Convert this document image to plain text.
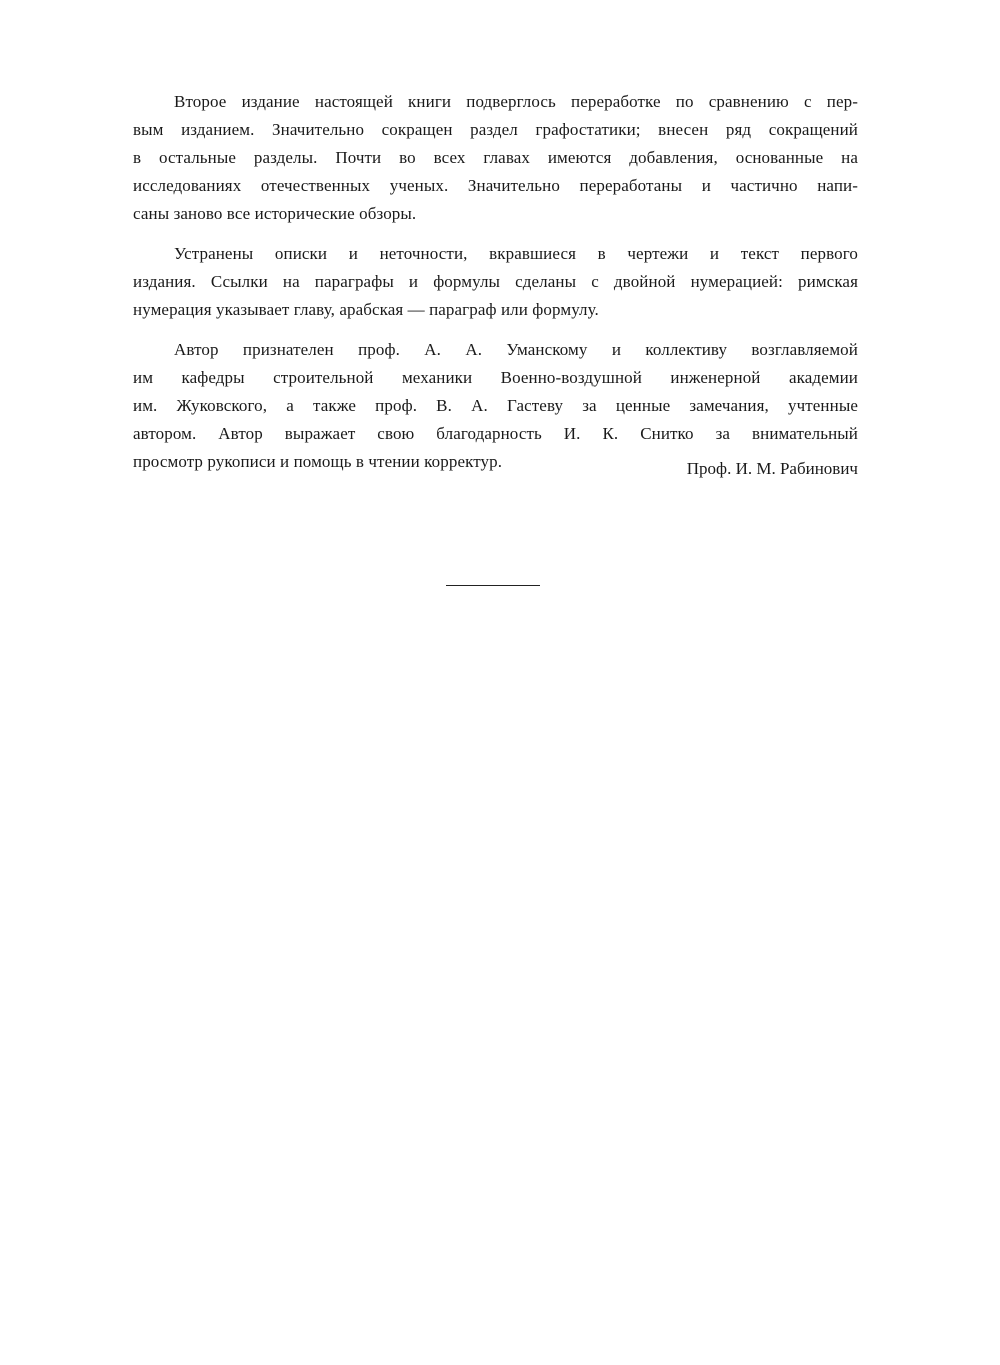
Второе издание настоящей книги подверглось переработке по сравнению с пер-
вым изданием. Значительно сокращен раздел графостатики; внесен ряд сокращений
в остальные разделы. Почти во всех главах имеются добавления, основанные на
исследованиях отечественных ученых. Значительно переработаны и частично напи-
саны заново все исторические обзоры.

Устранены описки и неточности, вкравшиеся в чертежи и текст первого
издания. Ссылки на параграфы и формулы сделаны с двойной нумерацией: римская
нумерация указывает главу, арабская — параграф или формулу.

Автор признателен проф. А. А. Уманскому и коллективу возглавляемой
им кафедры строительной механики Военно-воздушной инженерной академии
им. Жуковского, а также проф. В. А. Гастеву за ценные замечания, учтенные
автором. Автор выражает свою благодарность И. К. Снитко за внимательный
просмотр рукописи и помощь в чтении корректур.	Проф. И. М. Рабинович
